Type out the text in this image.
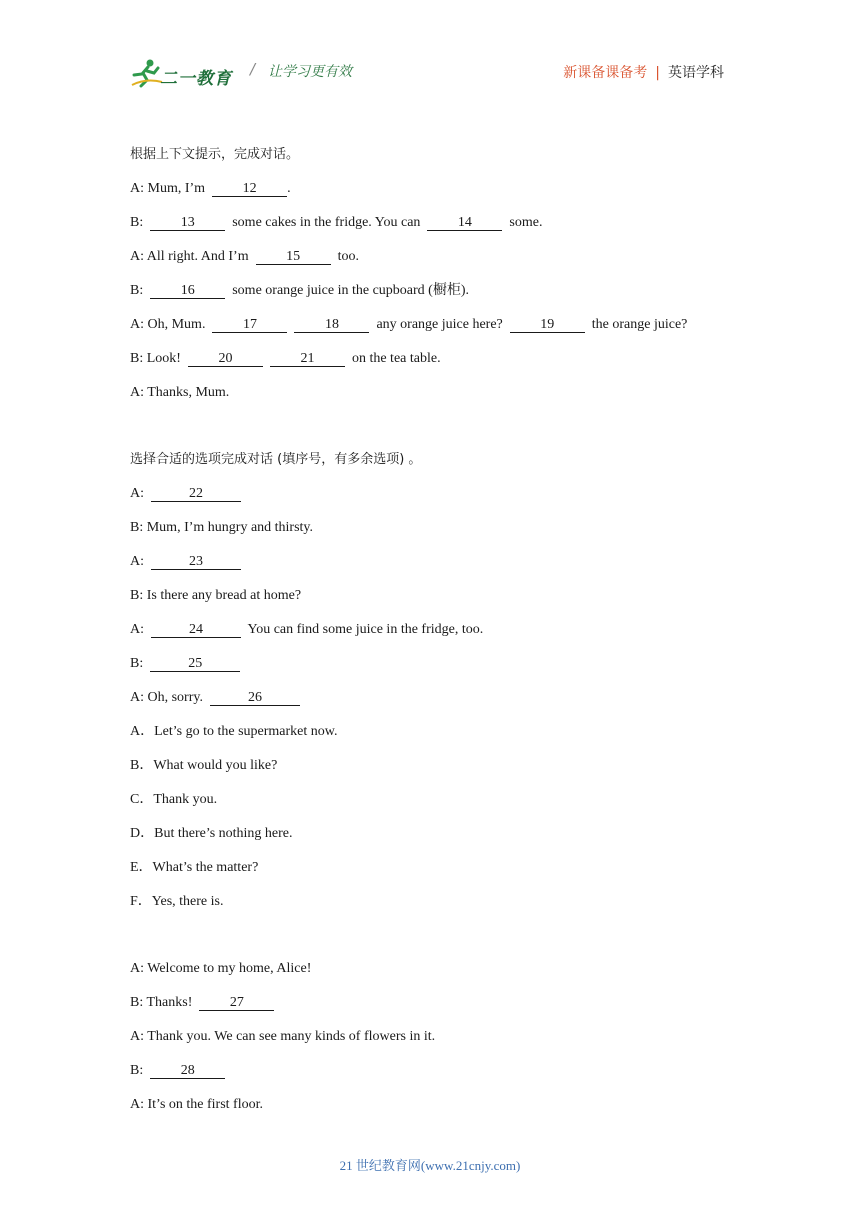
二一教育 / 让学习更有效	新课备课备考 | 英语学科
根据上下文提示，完成对话。
A: Mum, I’m	12 .
B:	13	some cakes in the fridge. You can	14	some.
A: All right. And I’m	15	too.
B:	16	some orange juice in the cupboard (橱柜).
A: Oh, Mum.	17	18	any orange juice here?	19	the orange juice?
B: Look!	20	21	on the tea table.
A: Thanks, Mum.
选择合适的选项完成对话 (填序号，有多余选项) 。
A:	22
B: Mum, I’m hungry and thirsty.
A:	23
B: Is there any bread at home?
A:	24	You can find some juice in the fridge, too.
B:	25
A: Oh, sorry.	26
A．Let’s go to the supermarket now.
B．What would you like?
C．Thank you.
D．But there’s nothing here.
E．What’s the matter?
F．Yes, there is.
A: Welcome to my home, Alice!
B: Thanks!	27
A: Thank you. We can see many kinds of flowers in it.
B:	28
A: It’s on the first floor.
21 世纪教育网(www.21cnjy.com)
